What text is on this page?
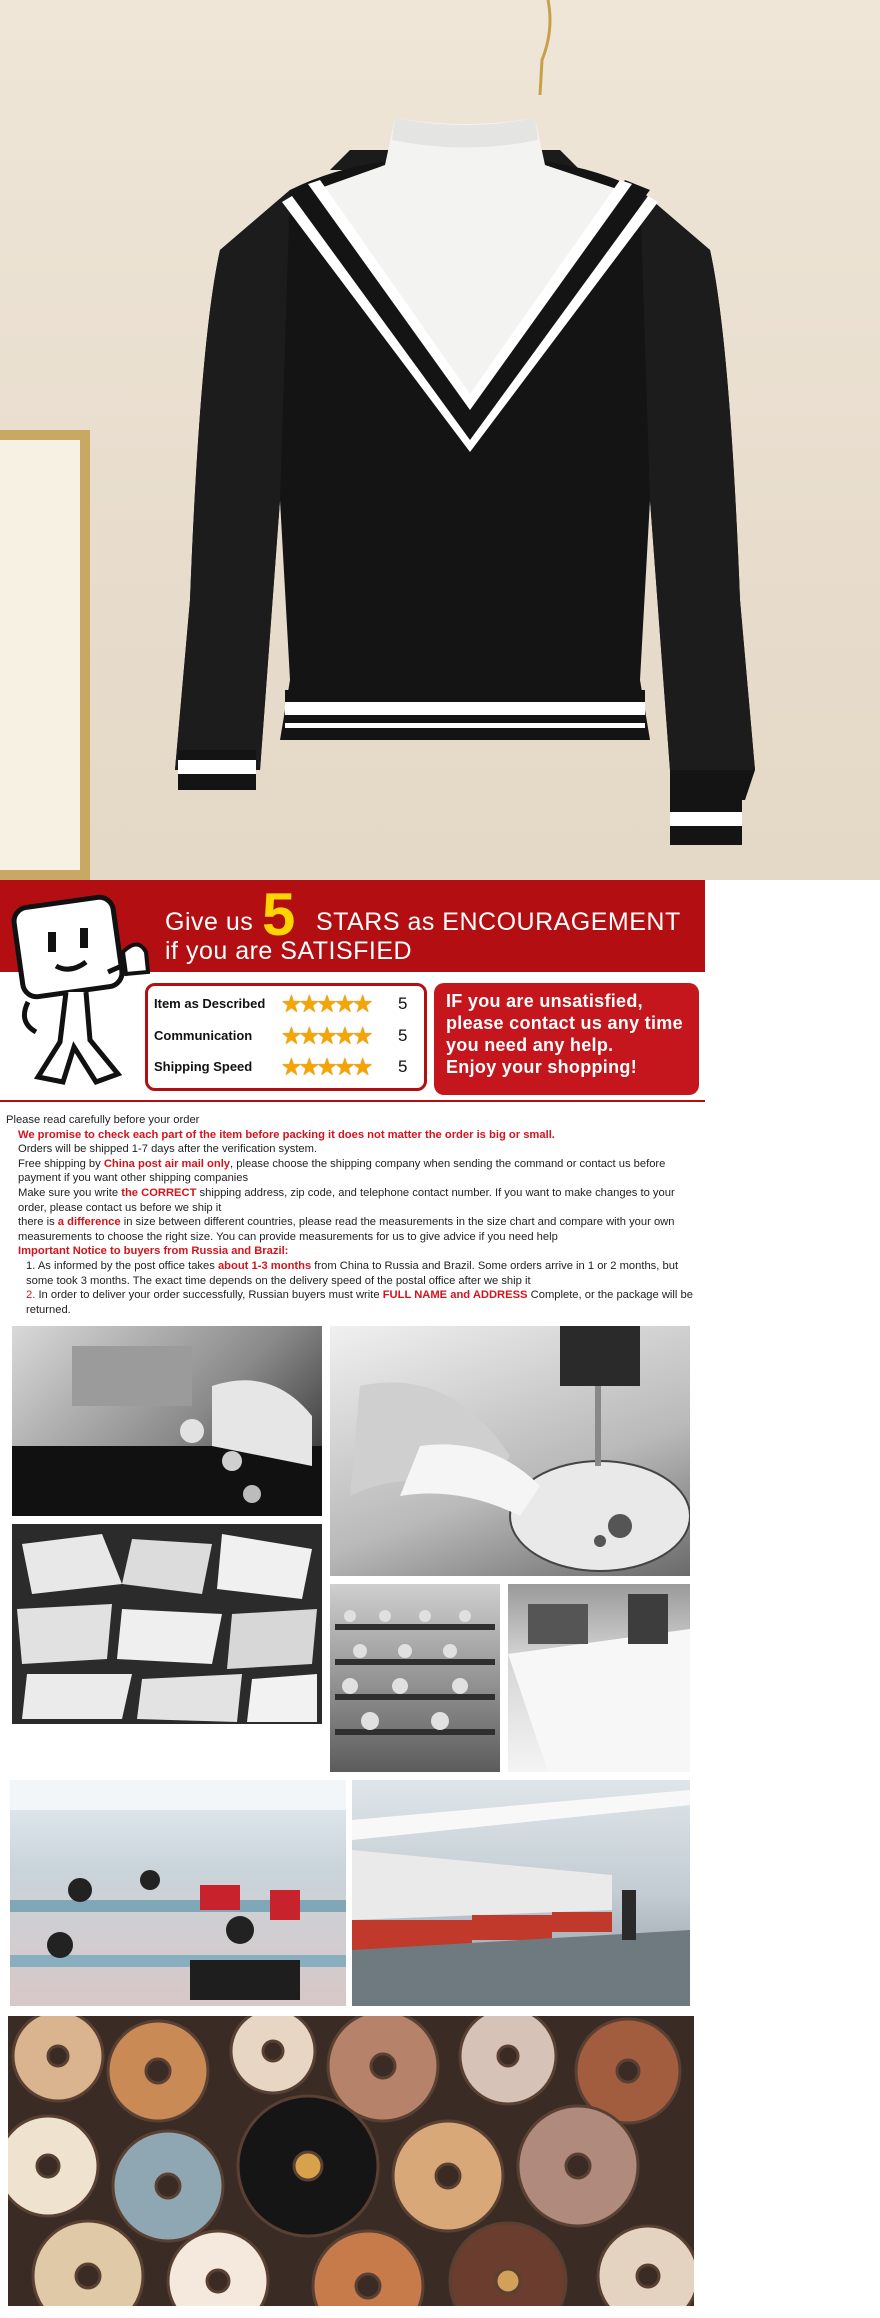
Give us 5 STARS as ENCOURAGEMENT
if you are SATISFIED
Item as Described ★★★★★ 5
Communication ★★★★★ 5
Shipping Speed ★★★★★ 5
IF you are unsatisfied,
please contact us any time
you need any help.
Enjoy your shopping!

Please read carefully before your order

We promise to check each part of the item before packing it does not matter the order is big or small.

Orders will be shipped 1-7 days after the verification system.

Free shipping by China post air mail only, please choose the shipping company when sending the command or contact us before payment if you want other shipping companies

Make sure you write the CORRECT shipping address, zip code, and telephone contact number. If you want to make changes to your order, please contact us before we ship it

there is a difference in size between different countries, please read the measurements in the size chart and compare with your own measurements to choose the right size. You can provide measurements for us to give advice if you need help

Important Notice to buyers from Russia and Brazil:

1. As informed by the post office takes about 1-3 months from China to Russia and Brazil. Some orders arrive in 1 or 2 months, but some took 3 months. The exact time depends on the delivery speed of the postal office after we ship it

2. In order to deliver your order successfully, Russian buyers must write FULL NAME and ADDRESS Complete, or the package will be returned.
